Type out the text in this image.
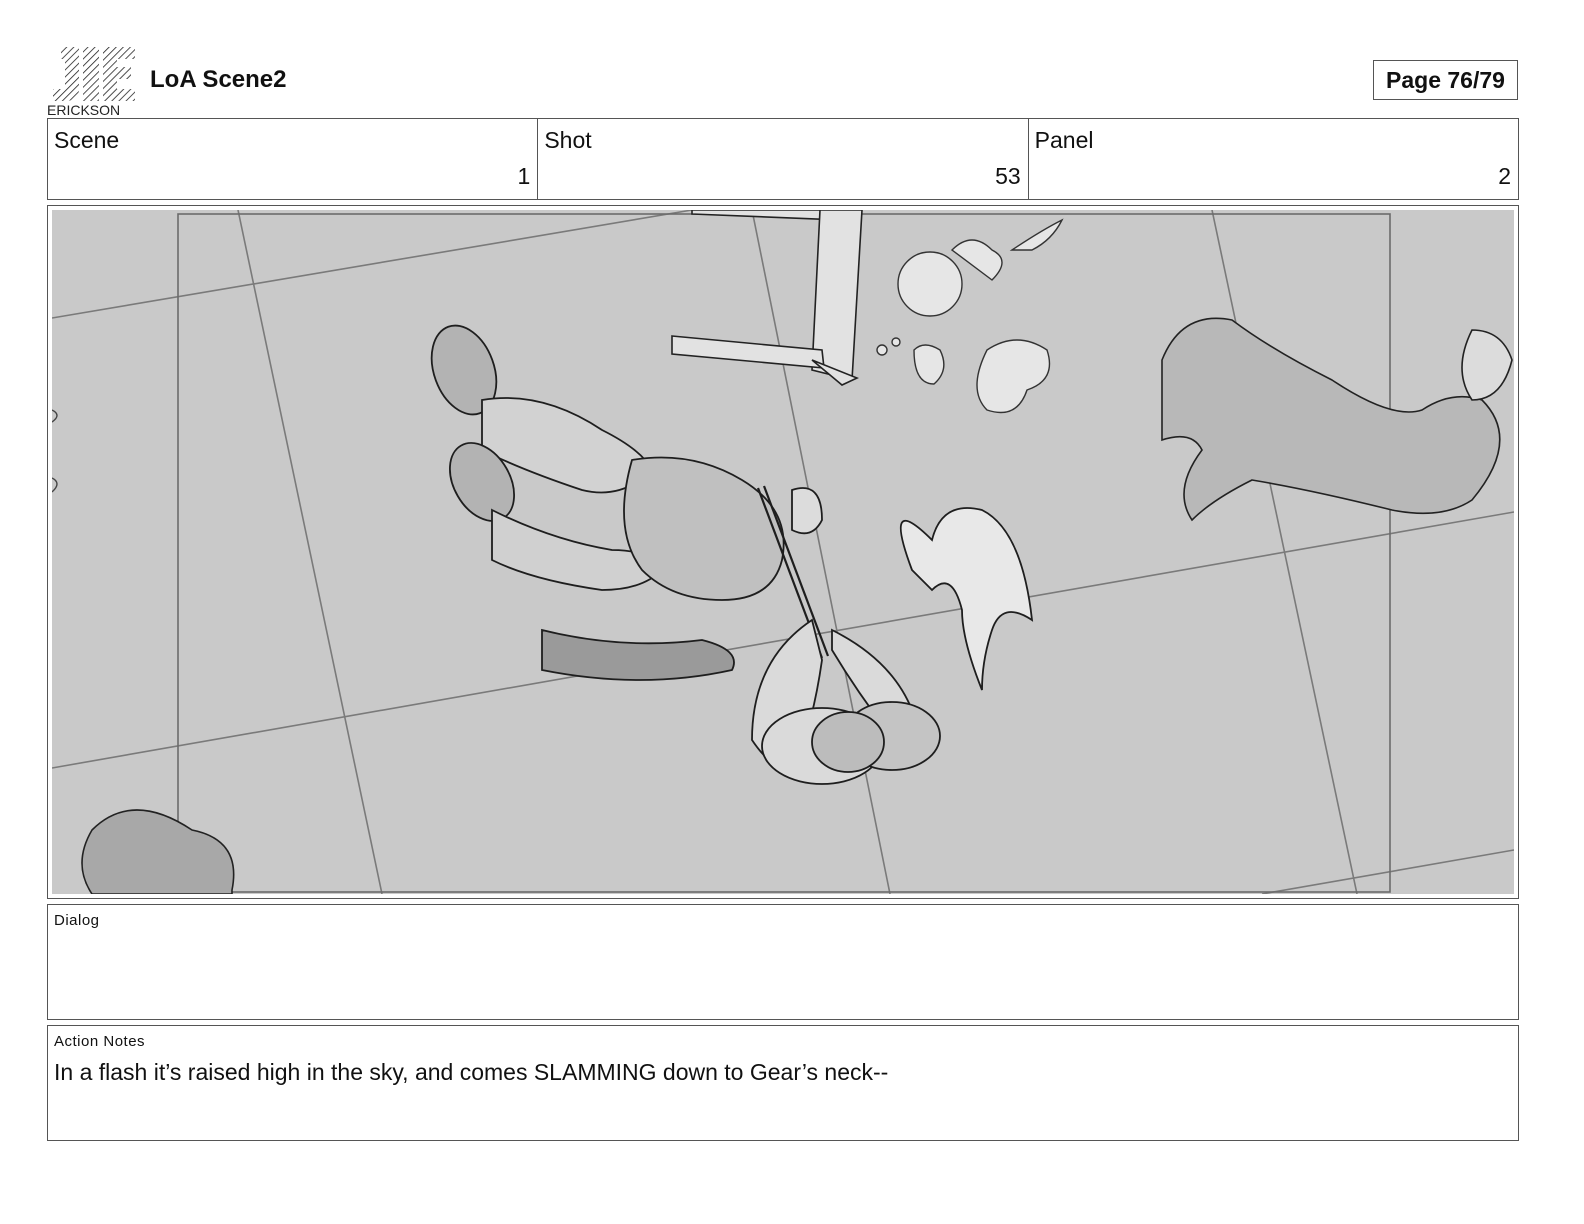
ERICKSON
LoA Scene2	Page 76/79
Scene
1
Shot
53
Panel
2
Dialog
Action Notes
In a flash it’s raised high in the sky, and comes SLAMMING down to Gear’s neck--
